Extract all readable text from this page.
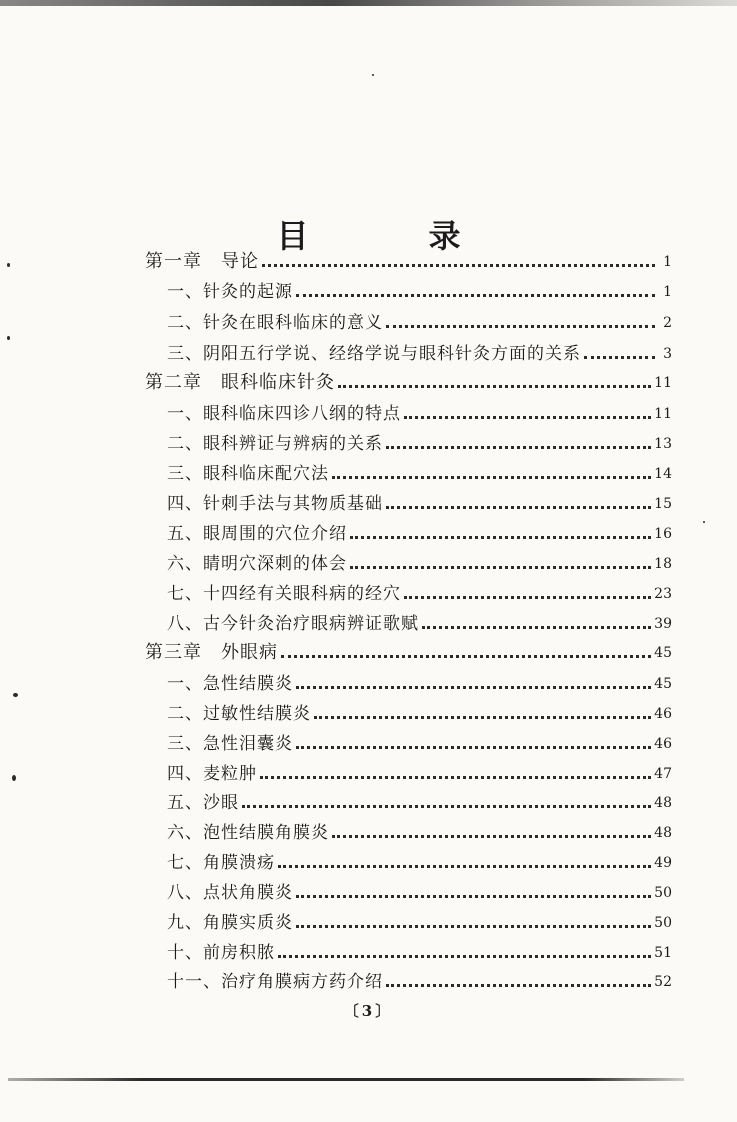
目　录
第一章　导论	1
一、针灸的起源	1
二、针灸在眼科临床的意义	2
三、阴阳五行学说、经络学说与眼科针灸方面的关系	3
第二章　眼科临床针灸	11
一、眼科临床四诊八纲的特点	11
二、眼科辨证与辨病的关系	13
三、眼科临床配穴法	14
四、针刺手法与其物质基础	15
五、眼周围的穴位介绍	16
六、睛明穴深刺的体会	18
七、十四经有关眼科病的经穴	23
八、古今针灸治疗眼病辨证歌赋	39
第三章　外眼病	45
一、急性结膜炎	45
二、过敏性结膜炎	46
三、急性泪囊炎	46
四、麦粒肿	47
五、沙眼	48
六、泡性结膜角膜炎	48
七、角膜溃疡	49
八、点状角膜炎	50
九、角膜实质炎	50
十、前房积脓	51
十一、治疗角膜病方药介绍	52
〔3〕
